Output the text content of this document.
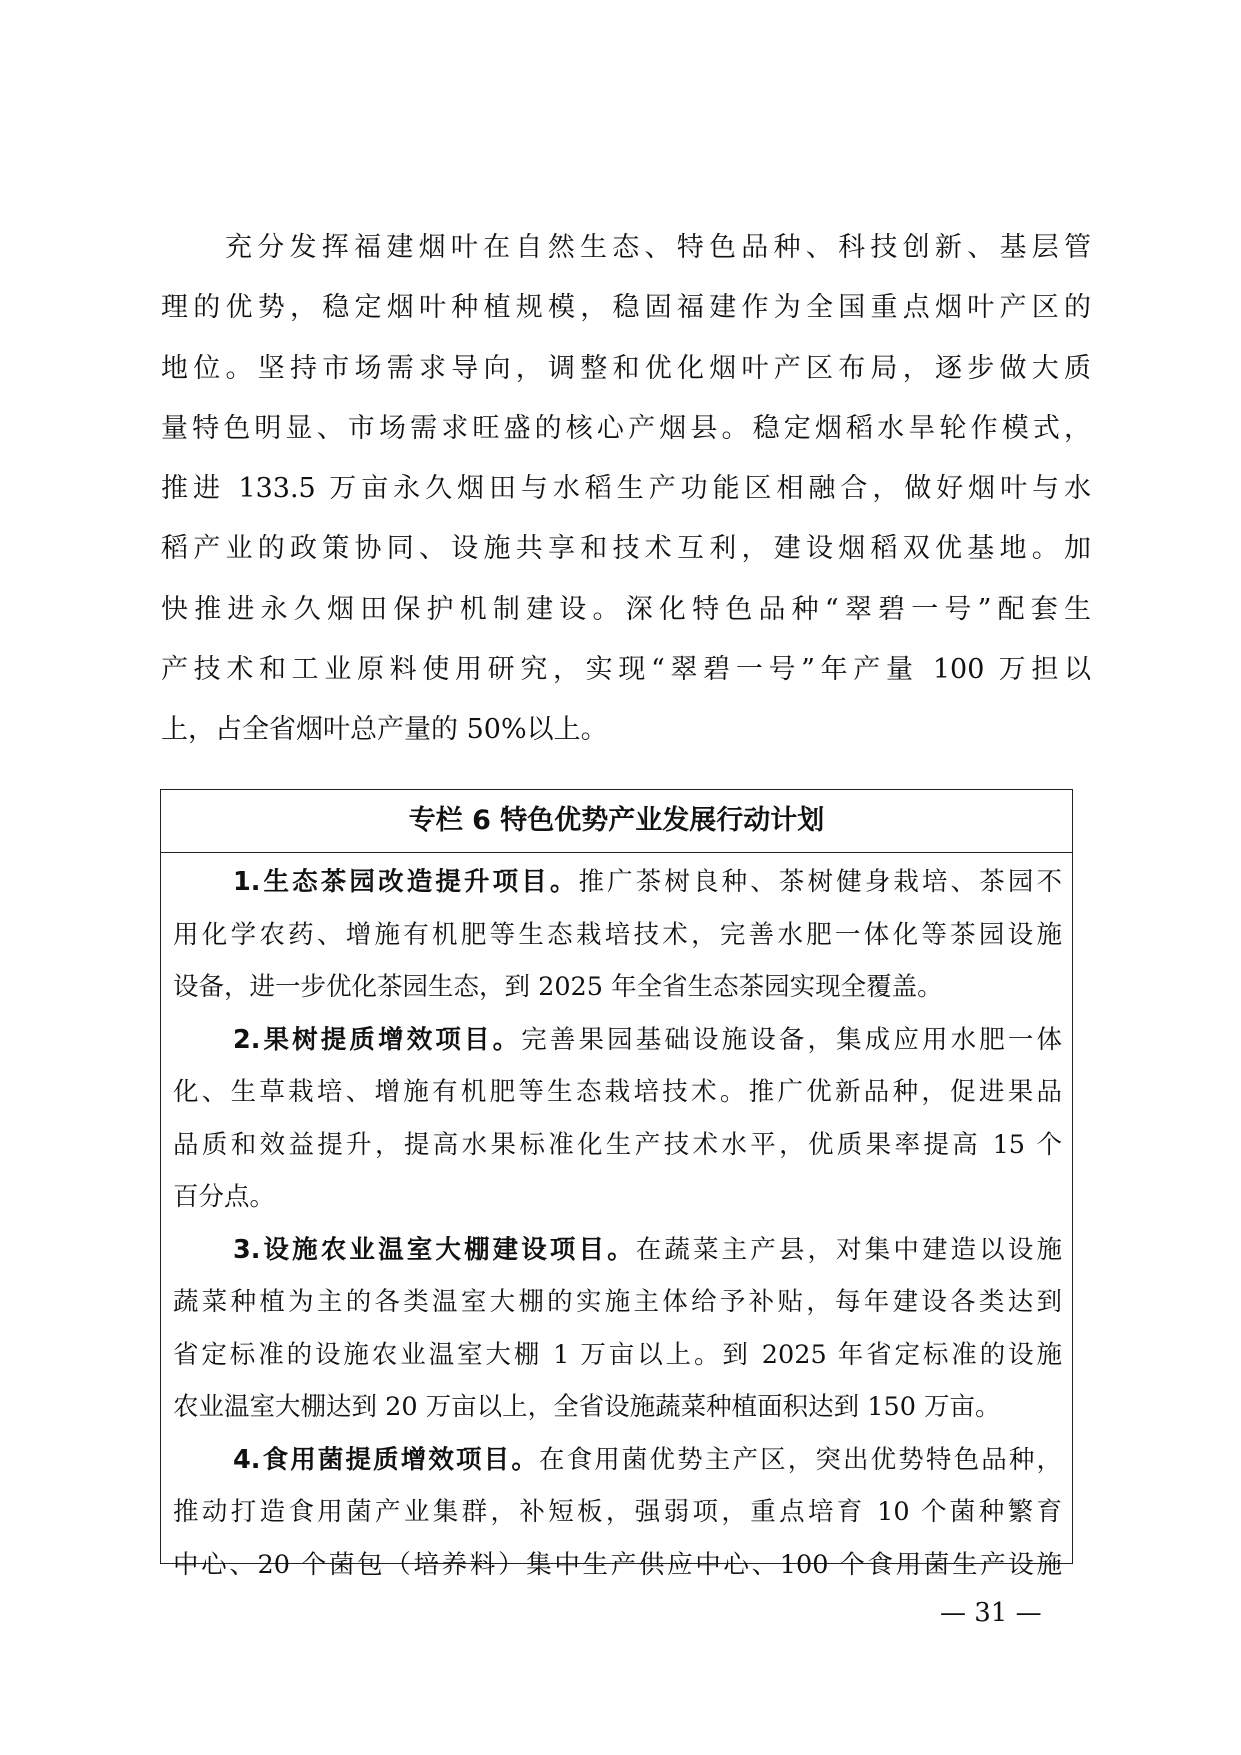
充分发挥福建烟叶在自然生态、特色品种、科技创新、基层管
理的优势，稳定烟叶种植规模，稳固福建作为全国重点烟叶产区的
地位。坚持市场需求导向，调整和优化烟叶产区布局，逐步做大质
量特色明显、市场需求旺盛的核心产烟县。稳定烟稻水旱轮作模式，
推进 133.5 万亩永久烟田与水稻生产功能区相融合，做好烟叶与水
稻产业的政策协同、设施共享和技术互利，建设烟稻双优基地。加
快推进永久烟田保护机制建设。深化特色品种“翠碧一号”配套生
产技术和工业原料使用研究，实现“翠碧一号”年产量 100 万担以
上，占全省烟叶总产量的 50%以上。
专栏 6 特色优势产业发展行动计划
1.生态茶园改造提升项目。推广茶树良种、茶树健身栽培、茶园不
用化学农药、增施有机肥等生态栽培技术，完善水肥一体化等茶园设施
设备，进一步优化茶园生态，到 2025 年全省生态茶园实现全覆盖。
2.果树提质增效项目。完善果园基础设施设备，集成应用水肥一体
化、生草栽培、增施有机肥等生态栽培技术。推广优新品种，促进果品
品质和效益提升，提高水果标准化生产技术水平，优质果率提高 15 个
百分点。
3.设施农业温室大棚建设项目。在蔬菜主产县，对集中建造以设施
蔬菜种植为主的各类温室大棚的实施主体给予补贴，每年建设各类达到
省定标准的设施农业温室大棚 1 万亩以上。到 2025 年省定标准的设施
农业温室大棚达到 20 万亩以上，全省设施蔬菜种植面积达到 150 万亩。
4.食用菌提质增效项目。在食用菌优势主产区，突出优势特色品种，
推动打造食用菌产业集群，补短板，强弱项，重点培育 10 个菌种繁育
中心、20 个菌包（培养料）集中生产供应中心、100 个食用菌生产设施
— 31 —
